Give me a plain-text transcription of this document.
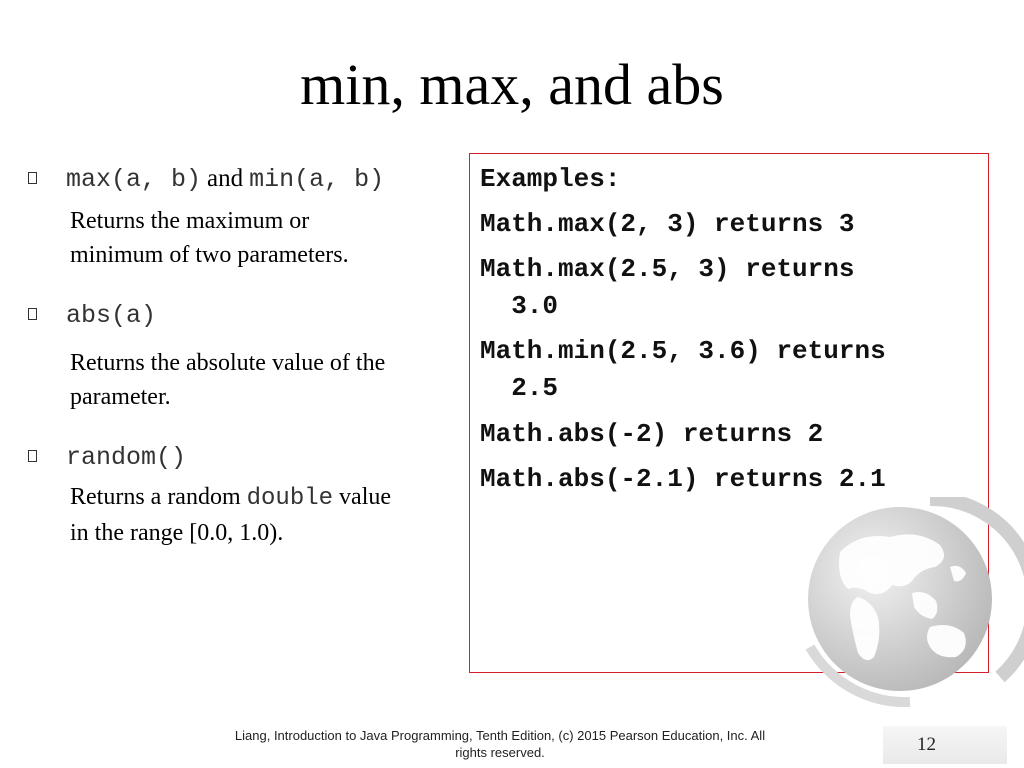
min, max, and abs
max(a, b) and min(a, b)
Returns the maximum or
minimum of two parameters.
abs(a)
Returns the absolute value of the
parameter.
random()
Returns a random double value
in the range [0.0, 1.0).
Examples:
Math.max(2, 3) returns 3
Math.max(2.5, 3) returns
3.0
Math.min(2.5, 3.6) returns
2.5
Math.abs(-2) returns 2
Math.abs(-2.1) returns 2.1
12
Liang, Introduction to Java Programming, Tenth Edition, (c) 2015 Pearson Education, Inc. All
rights reserved.
